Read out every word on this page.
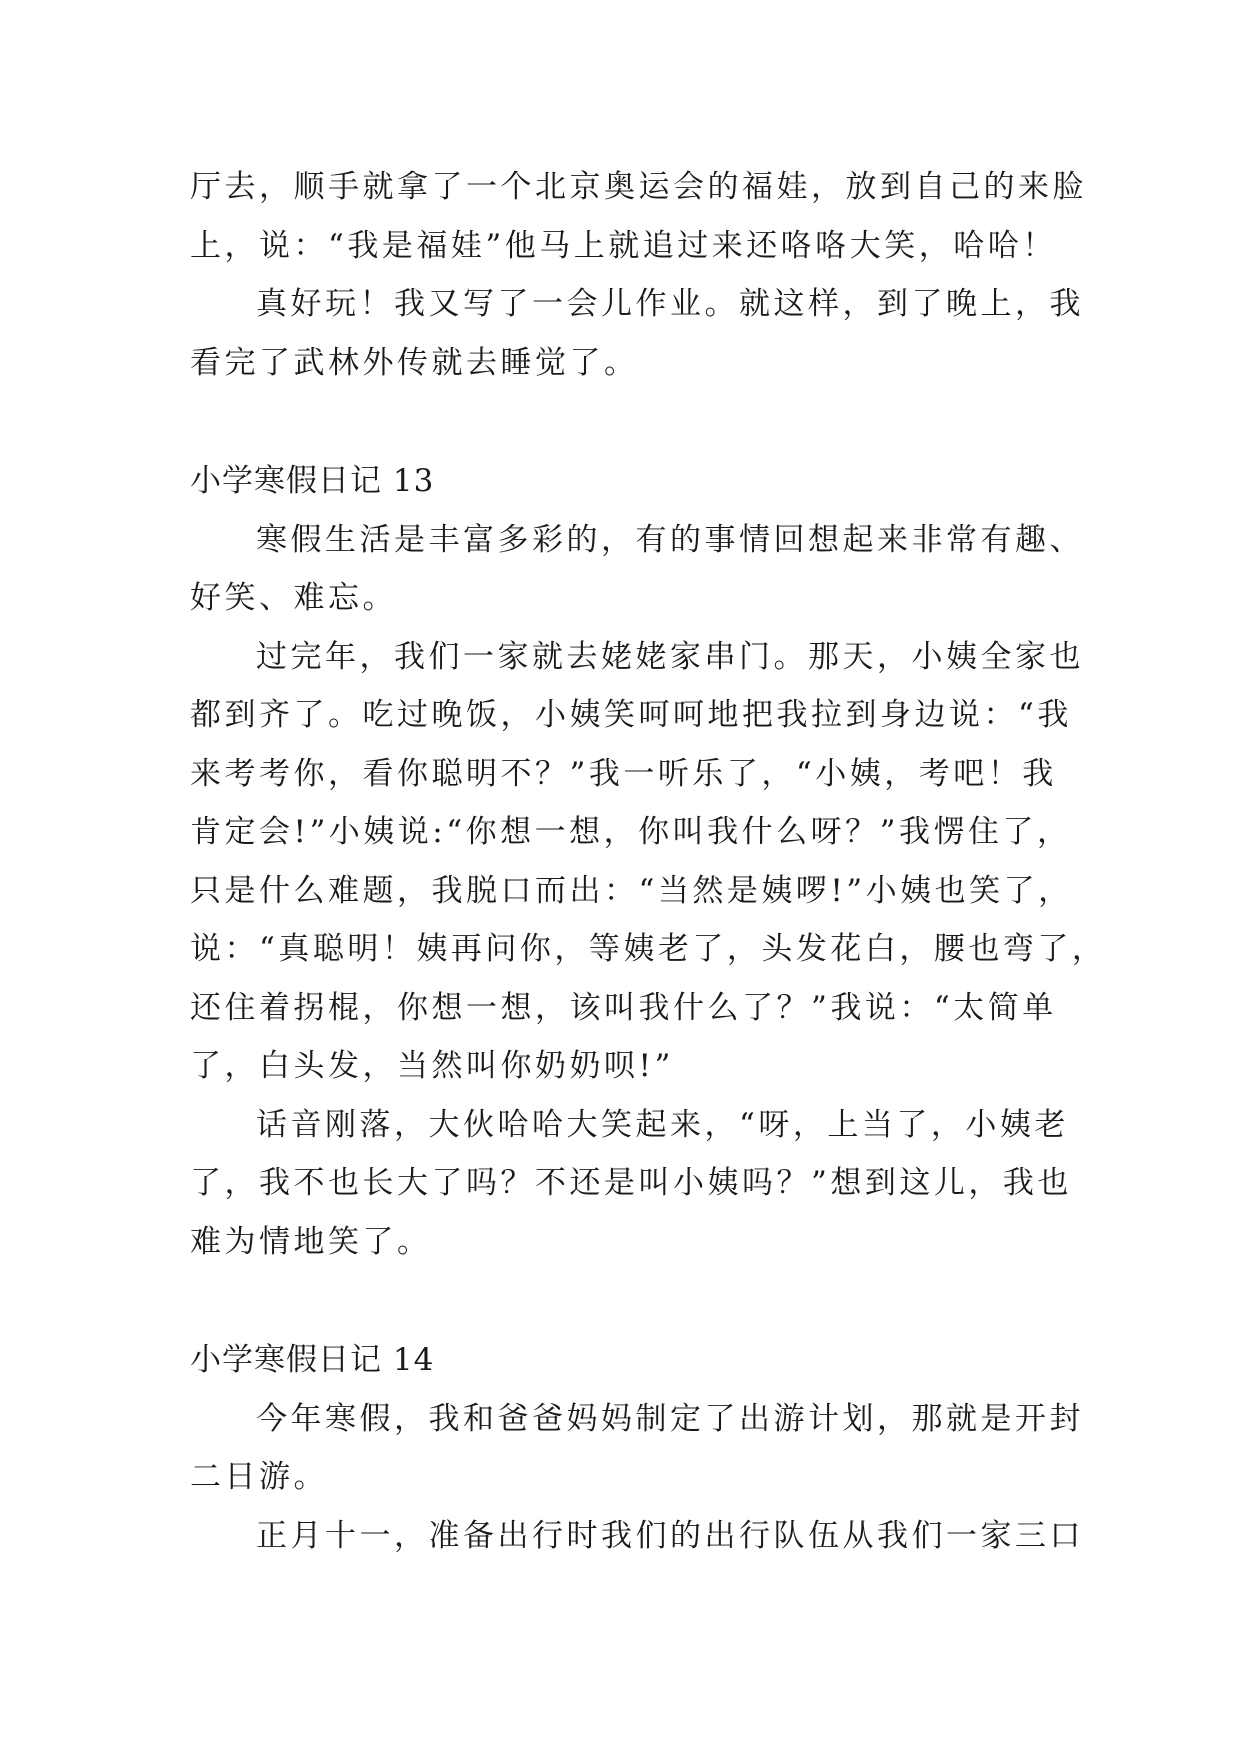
厅去，顺手就拿了一个北京奥运会的福娃，放到自己的来脸
上，说：“我是福娃”他马上就追过来还咯咯大笑，哈哈！

真好玩！我又写了一会儿作业。就这样，到了晚上，我
看完了武林外传就去睡觉了。

小学寒假日记 13

寒假生活是丰富多彩的，有的事情回想起来非常有趣、
好笑、难忘。

过完年，我们一家就去姥姥家串门。那天，小姨全家也
都到齐了。吃过晚饭，小姨笑呵呵地把我拉到身边说：“我
来考考你，看你聪明不？”我一听乐了，“小姨，考吧！我
肯定会!”小姨说:“你想一想，你叫我什么呀？”我愣住了，
只是什么难题，我脱口而出：“当然是姨啰!”小姨也笑了，
说：“真聪明！姨再问你，等姨老了，头发花白，腰也弯了，
还住着拐棍，你想一想，该叫我什么了？”我说：“太简单
了，白头发，当然叫你奶奶呗!”

话音刚落，大伙哈哈大笑起来，“呀，上当了，小姨老
了，我不也长大了吗？不还是叫小姨吗？”想到这儿，我也
难为情地笑了。

小学寒假日记 14

今年寒假，我和爸爸妈妈制定了出游计划，那就是开封
二日游。

正月十一，准备出行时我们的出行队伍从我们一家三口
